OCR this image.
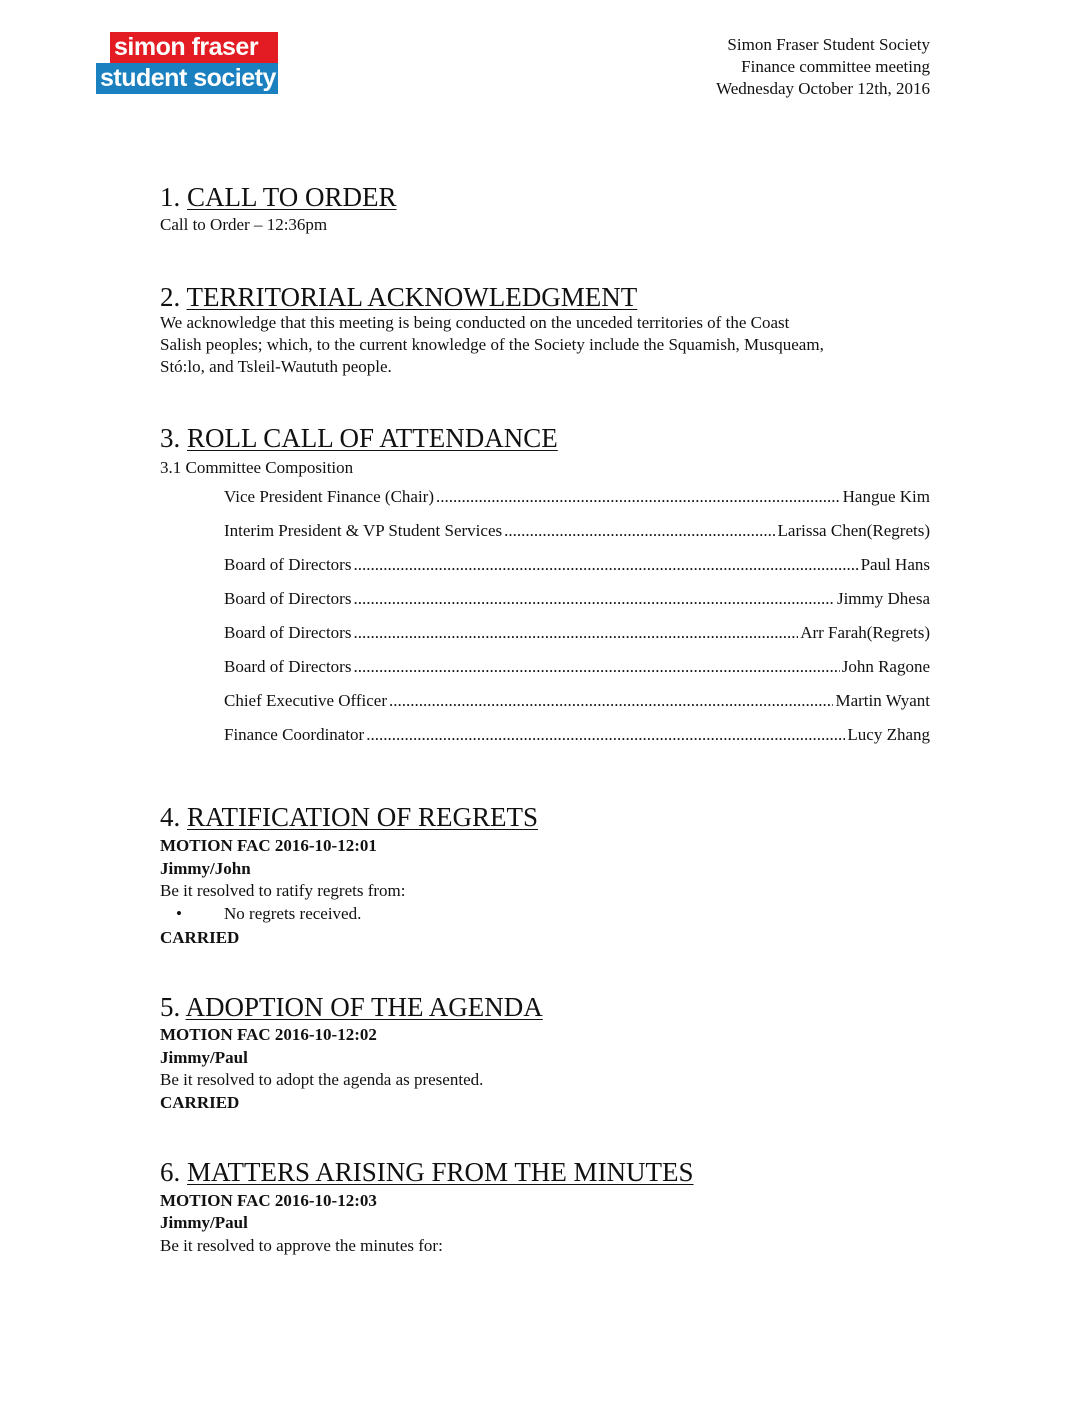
simon fraser
student society
Simon Fraser Student Society
Finance committee meeting
Wednesday October 12th, 2016
1. CALL TO ORDER
Call to Order – 12:36pm
2. TERRITORIAL ACKNOWLEDGMENT
We acknowledge that this meeting is being conducted on the unceded territories of the Coast
Salish peoples; which, to the current knowledge of the Society include the Squamish, Musqueam,
Stó:lo, and Tsleil-Waututh people.
3. ROLL CALL OF ATTENDANCE
3.1 Committee Composition
Vice President Finance (Chair) .....	Hangue Kim
Interim President & VP Student Services .....	Larissa Chen(Regrets)
Board of Directors .....	Paul Hans
Board of Directors .....	Jimmy Dhesa
Board of Directors .....	Arr Farah(Regrets)
Board of Directors .....	John Ragone
Chief Executive Officer .....	Martin Wyant
Finance Coordinator .....	Lucy Zhang
4. RATIFICATION OF REGRETS
MOTION FAC 2016-10-12:01
Jimmy/John
Be it resolved to ratify regrets from:
• No regrets received.
CARRIED
5. ADOPTION OF THE AGENDA
MOTION FAC 2016-10-12:02
Jimmy/Paul
Be it resolved to adopt the agenda as presented.
CARRIED
6. MATTERS ARISING FROM THE MINUTES
MOTION FAC 2016-10-12:03
Jimmy/Paul
Be it resolved to approve the minutes for:
